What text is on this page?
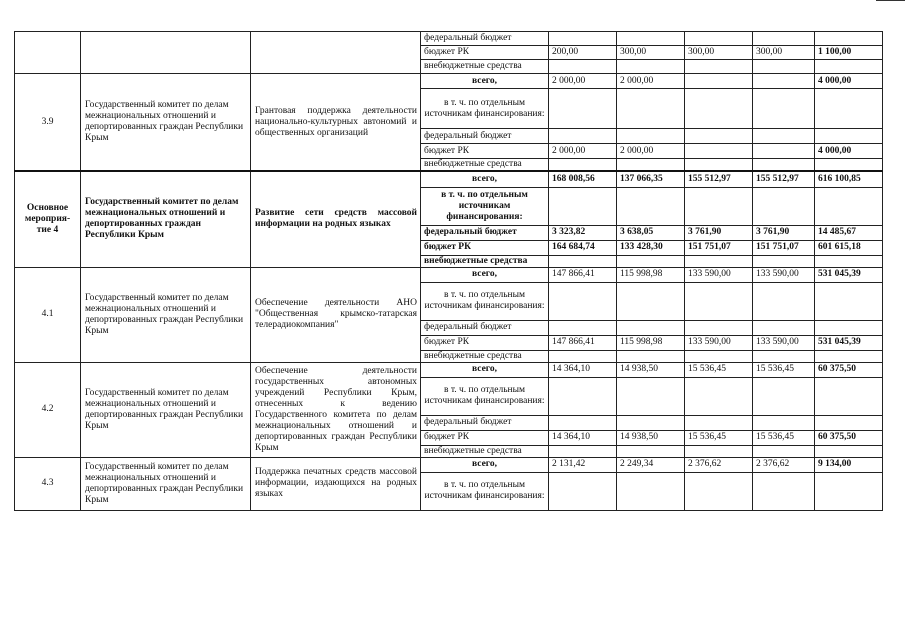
			федеральный бюджет					
			бюджет РК	200,00	300,00	300,00	300,00	1 100,00
			внебюджетные средства					
3.9	Государственный комитет по делам межнациональных отношений и депортированных граждан Республики Крым	Грантовая поддержка деятельности национально-культурных автономий и общественных организаций	всего,	2 000,00	2 000,00			4 000,00
			в т. ч. по отдельным источникам финансирования:					
			федеральный бюджет					
			бюджет РК	2 000,00	2 000,00			4 000,00
			внебюджетные средства					
Основное мероприя-тие 4	Государственный комитет по делам межнациональных отношений и депортированных граждан Республики Крым	Развитие сети средств массовой информации на родных языках	всего,	168 008,56	137 066,35	155 512,97	155 512,97	616 100,85
			в т. ч. по отдельным источникам финансирования:					
			федеральный бюджет	3 323,82	3 638,05	3 761,90	3 761,90	14 485,67
			бюджет РК	164 684,74	133 428,30	151 751,07	151 751,07	601 615,18
			внебюджетные средства					
4.1	Государственный комитет по делам межнациональных отношений и депортированных граждан Республики Крым	Обеспечение деятельности АНО "Общественная крымско-татарская телерадиокомпания"	всего,	147 866,41	115 998,98	133 590,00	133 590,00	531 045,39
			в т. ч. по отдельным источникам финансирования:					
			федеральный бюджет					
			бюджет РК	147 866,41	115 998,98	133 590,00	133 590,00	531 045,39
			внебюджетные средства					
4.2	Государственный комитет по делам межнациональных отношений и депортированных граждан Республики Крым	Обеспечение деятельности государственных автономных учреждений Республики Крым, отнесенных к ведению Государственного комитета по делам межнациональных отношений и депортированных граждан Республики Крым	всего,	14 364,10	14 938,50	15 536,45	15 536,45	60 375,50
			в т. ч. по отдельным источникам финансирования:					
			федеральный бюджет					
			бюджет РК	14 364,10	14 938,50	15 536,45	15 536,45	60 375,50
			внебюджетные средства					
4.3	Государственный комитет по делам межнациональных отношений и депортированных граждан Республики Крым	Поддержка печатных средств массовой информации, издающихся на родных языках	всего,	2 131,42	2 249,34	2 376,62	2 376,62	9 134,00
			в т. ч. по отдельным источникам финансирования:					
